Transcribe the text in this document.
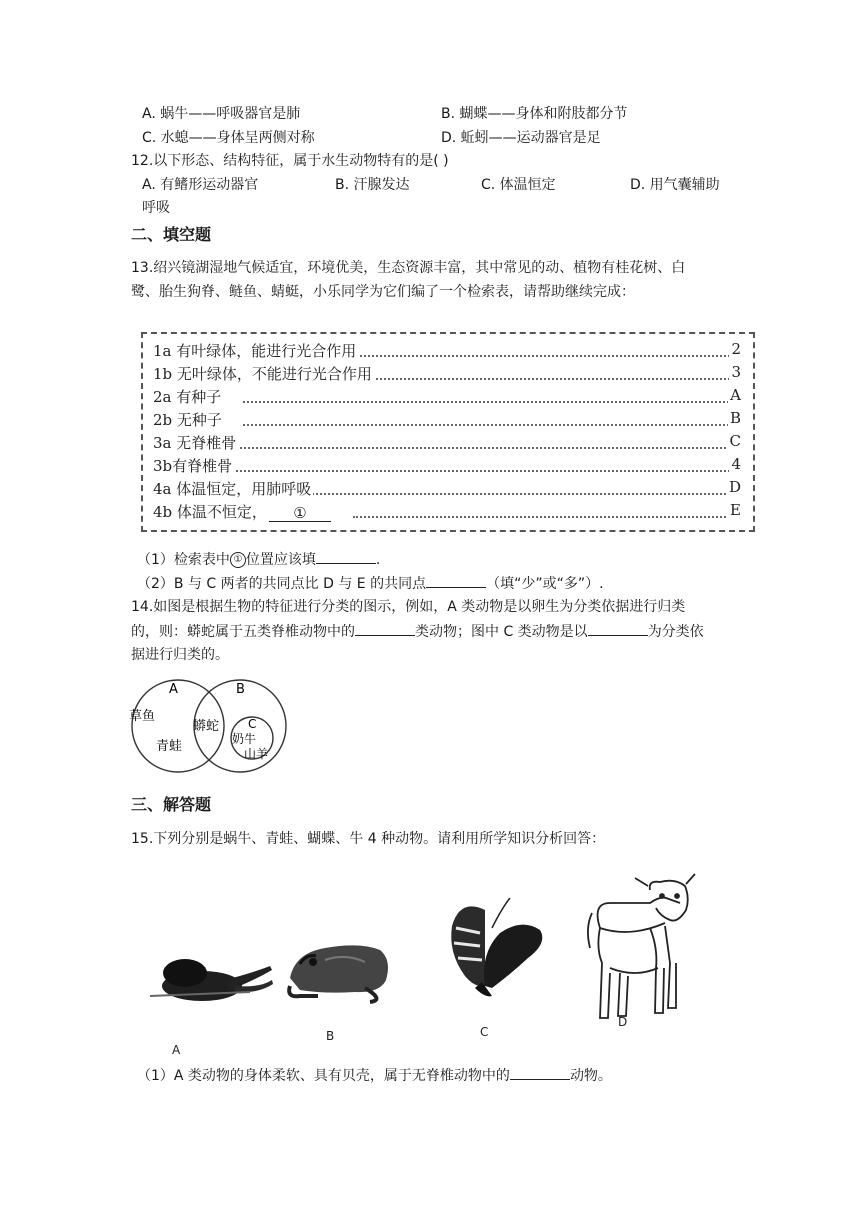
A. 蜗牛——呼吸器官是肺	B. 蝴蝶——身体和附肢都分节
C. 水螅——身体呈两侧对称	D. 蚯蚓——运动器官是足
12.以下形态、结构特征，属于水生动物特有的是( )
A. 有鳍形运动器官	B. 汗腺发达	C. 体温恒定	D. 用气囊辅助
呼吸
二、填空题
13.绍兴镜湖湿地气候适宜，环境优美，生态资源丰富，其中常见的动、植物有桂花树、白
鹭、胎生狗脊、鲢鱼、蜻蜓，小乐同学为它们编了一个检索表，请帮助继续完成：
1a 有叶绿体，能进行光合作用	2
1b 无叶绿体，不能进行光合作用	3
2a 有种子	A
2b 无种子	B
3a 无脊椎骨	C
3b有脊椎骨	4
4a 体温恒定，用肺呼吸	D
4b 体温不恒定， ①	E
（1）检索表中 ① 位置应该填	.
（2）B 与 C 两者的共同点比 D 与 E 的共同点	（填“少”或“多”）.
14.如图是根据生物的特征进行分类的图示，例如，A 类动物是以卵生为分类依据进行归类
的，则：蟒蛇属于五类脊椎动物中的	类动物；图中 C 类动物是以	为分类依
据进行归类的。
A	B
C
草鱼
青蛙
蟒蛇
奶牛
山羊
三、解答题
15.下列分别是蜗牛、青蛙、蝴蝶、牛 4 种动物。请利用所学知识分析回答：
A
B	C
D
（1）A 类动物的身体柔软、具有贝壳，属于无脊椎动物中的	动物。
